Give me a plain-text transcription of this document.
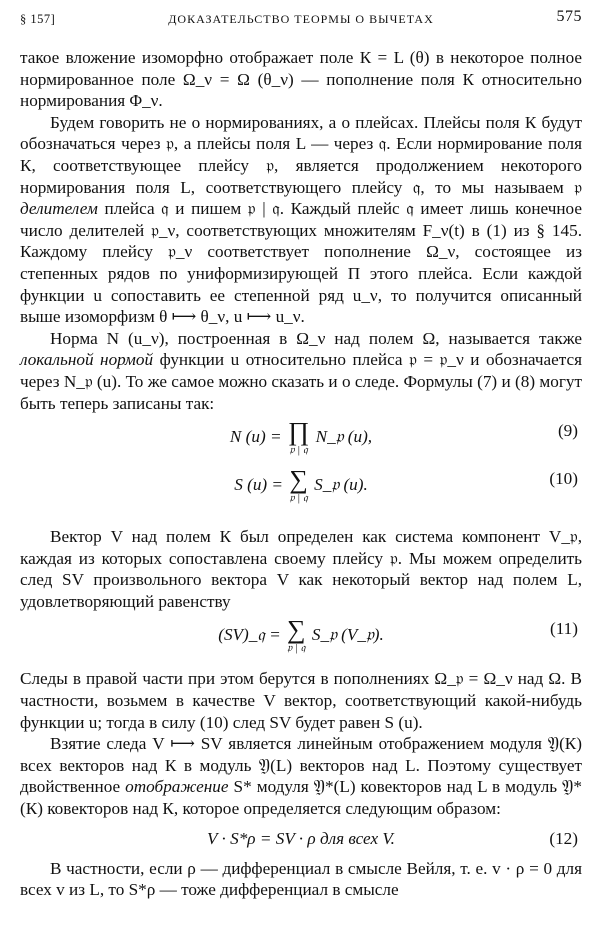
§ 157]	ДОКАЗАТЕЛЬСТВО ТЕОРМЫ О ВЫЧЕТАХ	575

такое вложение изоморфно отображает поле К = L (θ) в некоторое полное нормированное поле Ω_ν = Ω (θ_ν) — пополнение поля К относительно нормирования Φ_ν.

Будем говорить не о нормированиях, а о плейсах. Плейсы поля К будут обозначаться через 𝔭, а плейсы поля L — через 𝔮. Если нормирование поля К, соответствующее плейсу 𝔭, является продолжением некоторого нормирования поля L, соответствующего плейсу 𝔮, то мы называем 𝔭 делителем плейса 𝔮 и пишем 𝔭 | 𝔮. Каждый плейс 𝔮 имеет лишь конечное число делителей 𝔭_ν, соответствующих множителям F_ν(t) в (1) из § 145. Каждому плейсу 𝔭_ν соответствует пополнение Ω_ν, состоящее из степенных рядов по униформизирующей П этого плейса. Если каждой функции u сопоставить ее степенной ряд u_ν, то получится описанный выше изоморфизм θ ⟼ θ_ν, u ⟼ u_ν.

Норма N (u_ν), построенная в Ω_ν над полем Ω, называется также локальной нормой функции u относительно плейса 𝔭 = 𝔭_ν и обозначается через N_𝔭 (u). То же самое можно сказать и о следе. Формулы (7) и (8) могут быть теперь записаны так:

N (u) = ∏
𝔭 | 𝔮
N_𝔭 (u),	(9)
S (u) = ∑
𝔭 | 𝔮
S_𝔭 (u).	(10)

Вектор V над полем К был определен как система компонент V_𝔭, каждая из которых сопоставлена своему плейсу 𝔭. Мы можем определить след SV произвольного вектора V как некоторый вектор над полем L, удовлетворяющий равенству

(SV)_𝔮 = ∑
𝔭 | 𝔮
S_𝔭 (V_𝔭).	(11)

Следы в правой части при этом берутся в пополнениях Ω_𝔭 = Ω_ν над Ω. В частности, возьмем в качестве V вектор, соответствующий какой-нибудь функции u; тогда в силу (10) след SV будет равен S (u).

Взятие следа V ⟼ SV является линейным отображением модуля 𝔜(К) всех векторов над К в модуль 𝔜(L) векторов над L. Поэтому существует двойственное отображение S* модуля 𝔜*(L) ковекторов над L в модуль 𝔜*(К) ковекторов над К, которое определяется следующим образом:

V · S*ρ = SV · ρ для всех V.	(12)

В частности, если ρ — дифференциал в смысле Вейля, т. е. v · ρ = 0 для всех v из L, то S*ρ — тоже дифференциал в смысле
